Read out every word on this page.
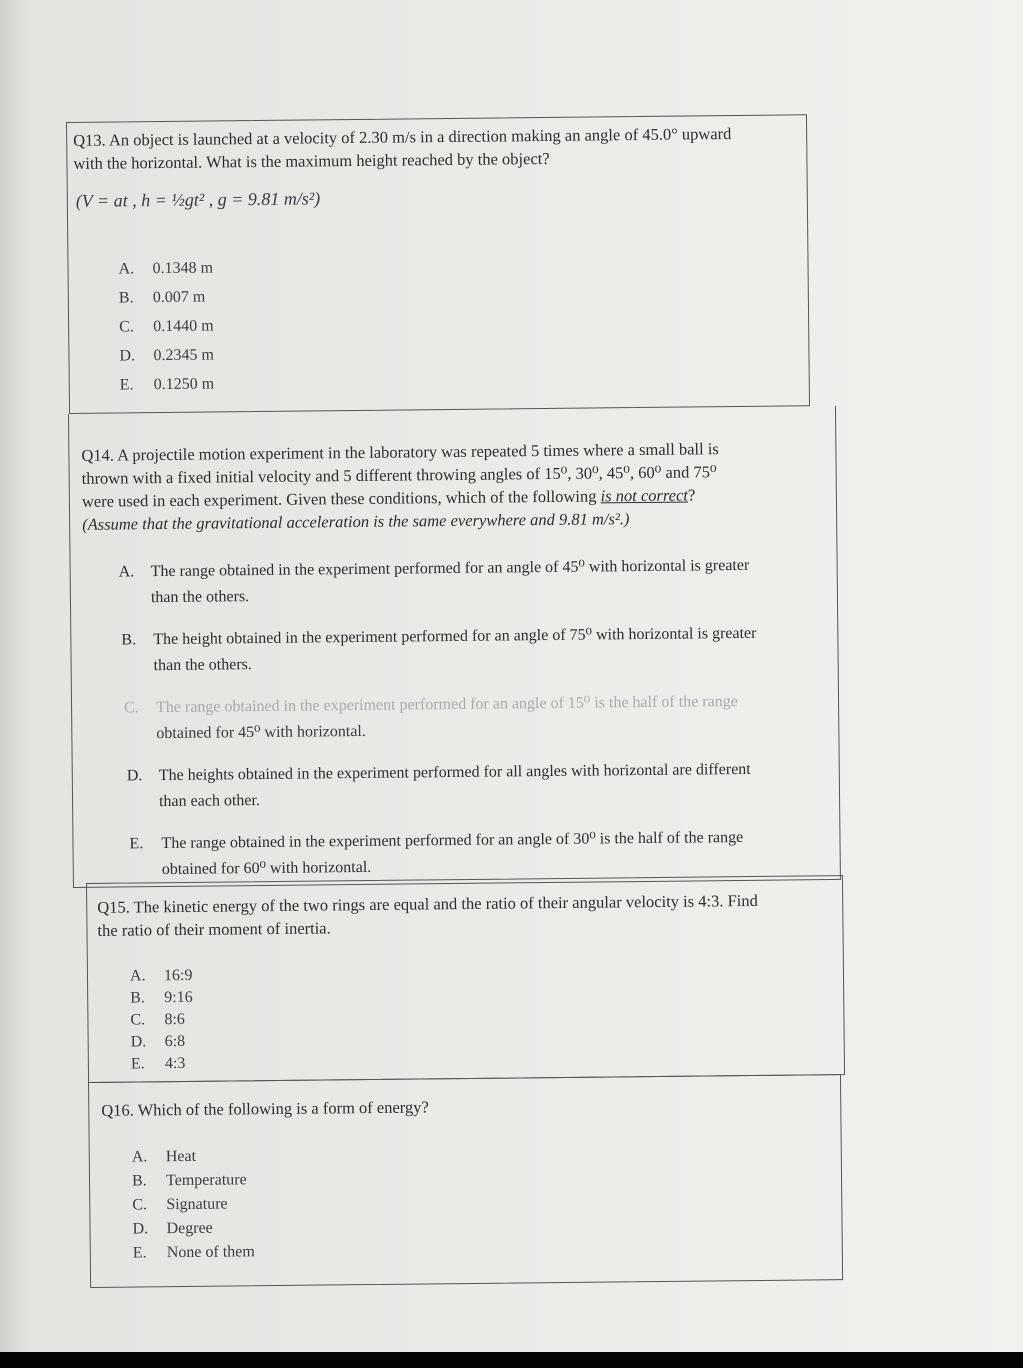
Q13. An object is launched at a velocity of 2.30 m/s in a direction making an angle of 45.0° upward
with the horizontal. What is the maximum height reached by the object?
(V = at , h = ½gt² , g = 9.81 m/s²)
A. 0.1348 m
B. 0.007 m
C. 0.1440 m
D. 0.2345 m
E. 0.1250 m
Q14. A projectile motion experiment in the laboratory was repeated 5 times where a small ball is
thrown with a fixed initial velocity and 5 different throwing angles of 15⁰, 30⁰, 45⁰, 60⁰ and 75⁰
were used in each experiment. Given these conditions, which of the following is not correct?
(Assume that the gravitational acceleration is the same everywhere and 9.81 m/s².)
A. The range obtained in the experiment performed for an angle of 45⁰ with horizontal is greater
than the others.
B. The height obtained in the experiment performed for an angle of 75⁰ with horizontal is greater
than the others.
C. The range obtained in the experiment performed for an angle of 15⁰ is the half of the range
obtained for 45⁰ with horizontal.
D. The heights obtained in the experiment performed for all angles with horizontal are different
than each other.
E. The range obtained in the experiment performed for an angle of 30⁰ is the half of the range
obtained for 60⁰ with horizontal.
Q15. The kinetic energy of the two rings are equal and the ratio of their angular velocity is 4:3. Find
the ratio of their moment of inertia.
A. 16:9
B. 9:16
C. 8:6
D. 6:8
E. 4:3
Q16. Which of the following is a form of energy?
A. Heat
B. Temperature
C. Signature
D. Degree
E. None of them
